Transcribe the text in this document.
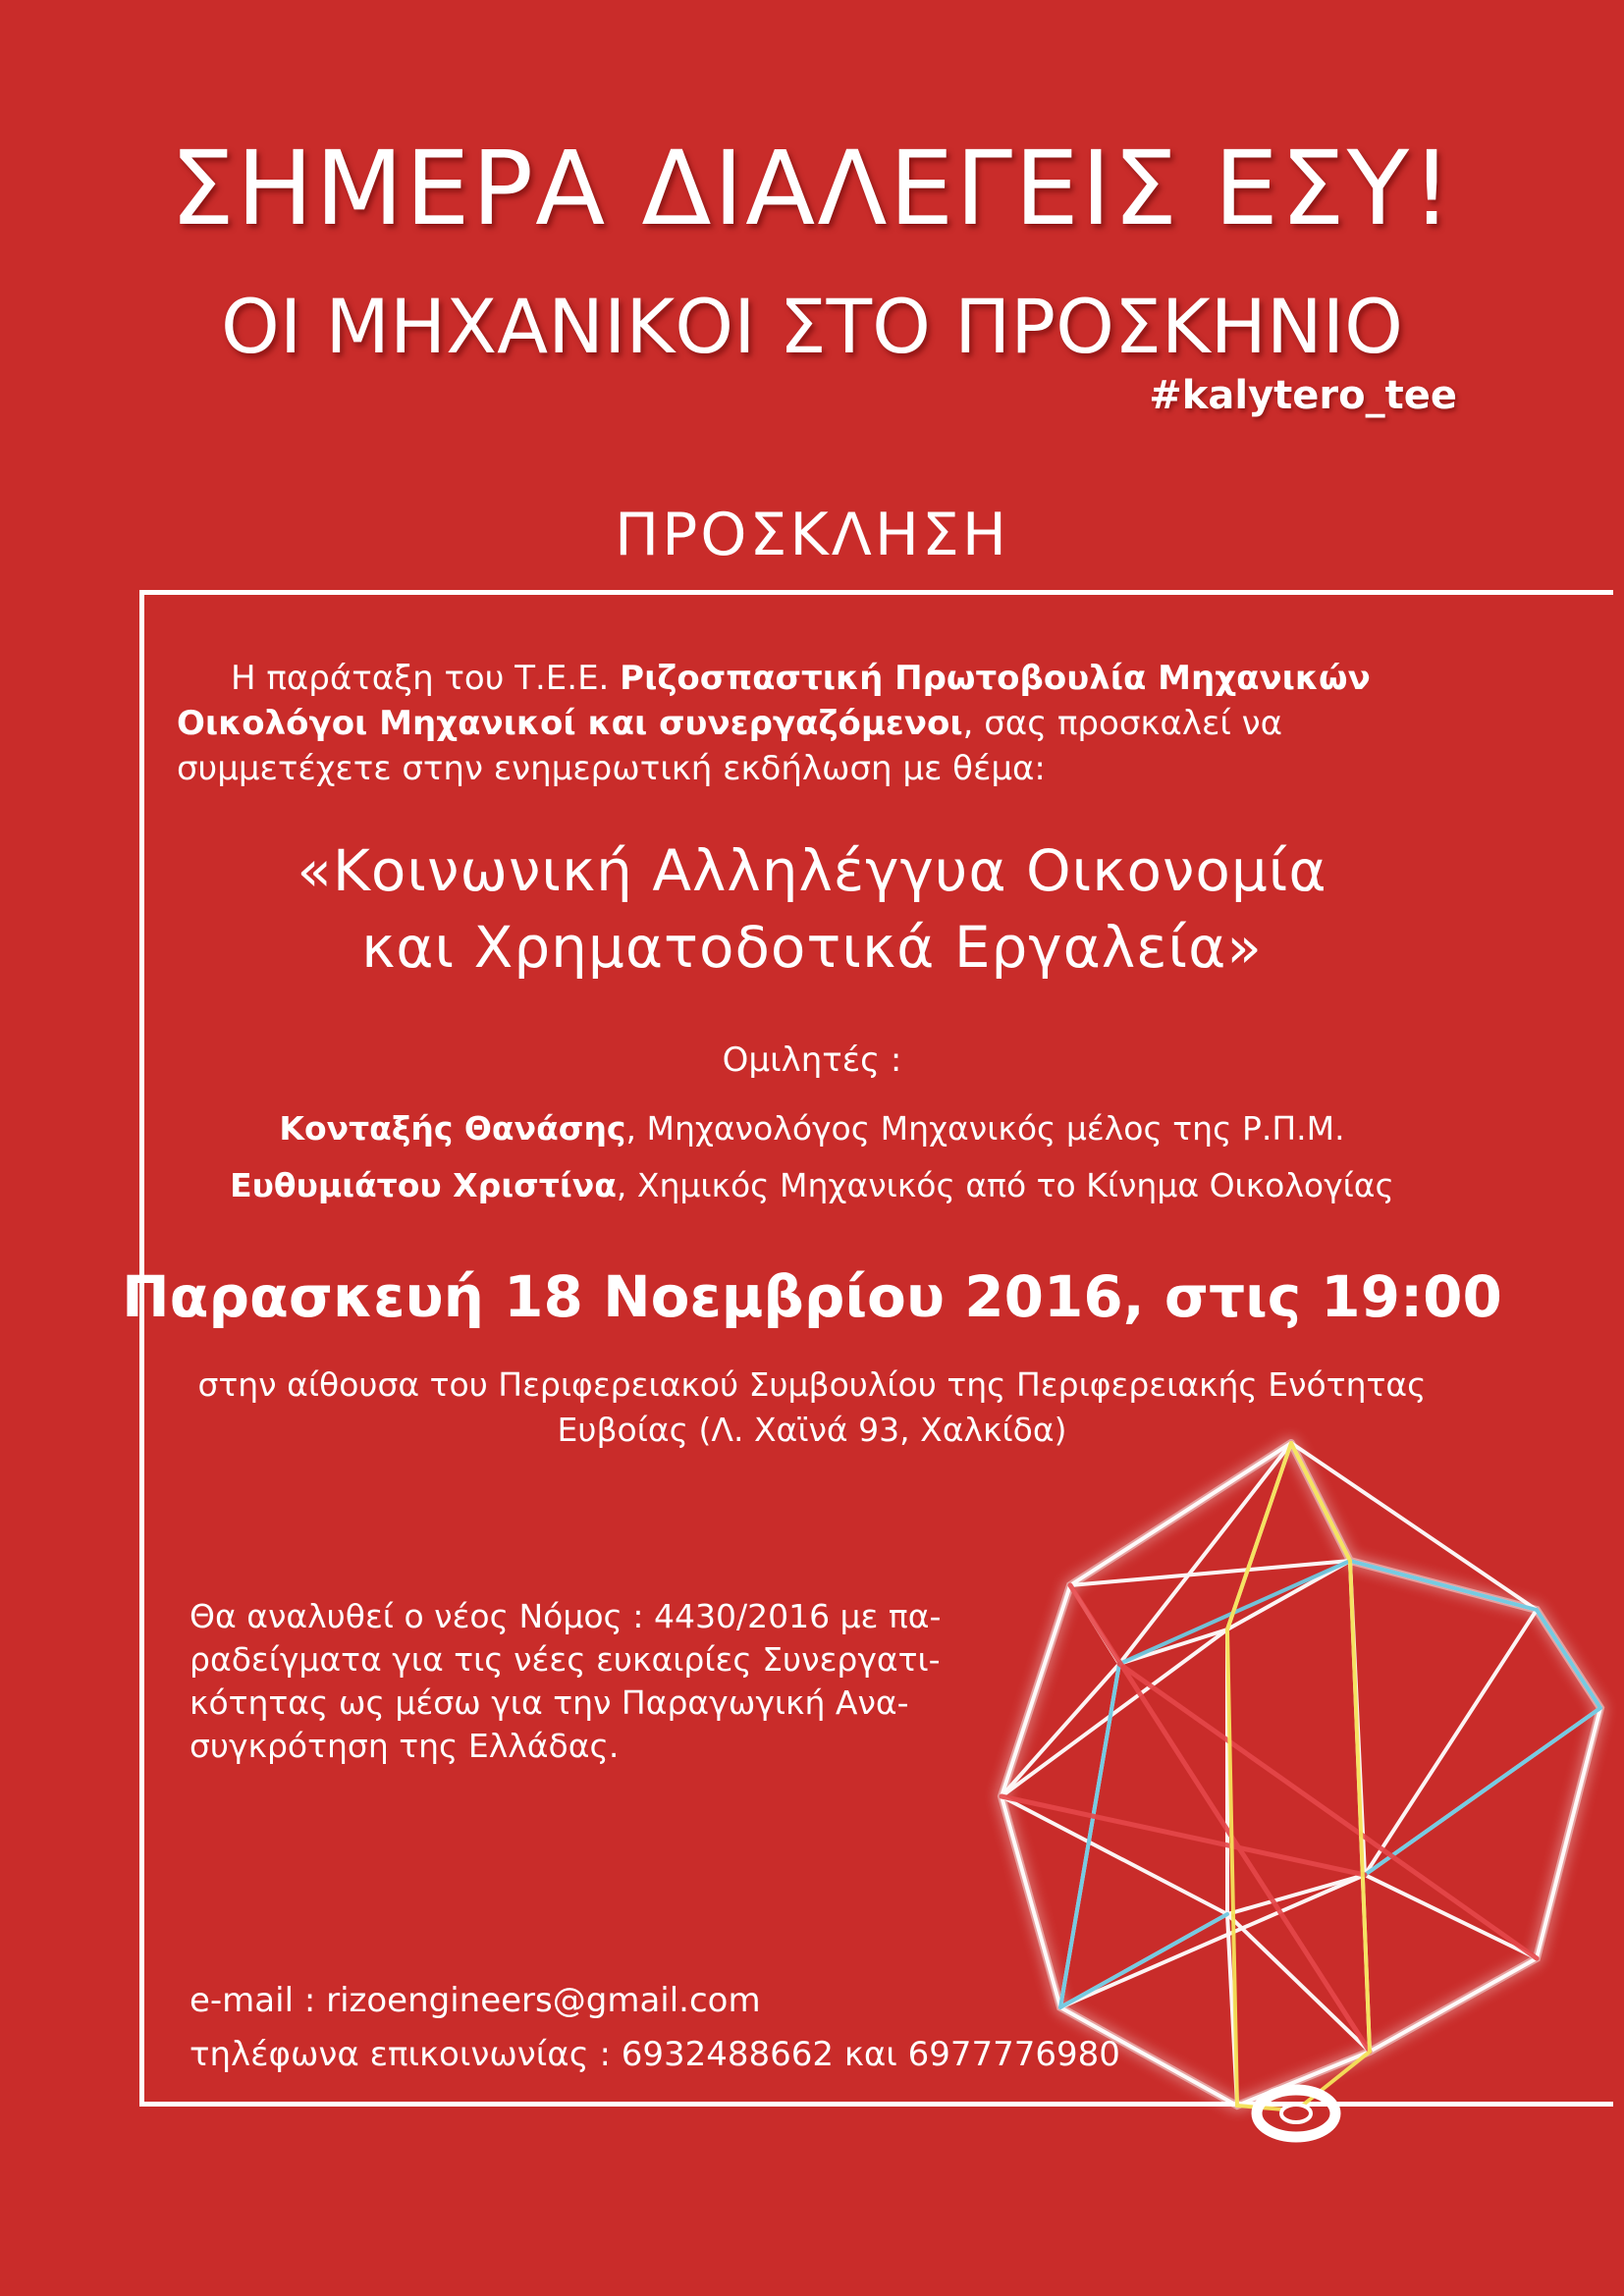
ΣΗΜΕΡΑ ΔΙΑΛΕΓΕΙΣ ΕΣΥ!
ΟΙ ΜΗΧΑΝΙΚΟΙ ΣΤΟ ΠΡΟΣΚΗΝΙΟ
#kalytero_tee
ΠΡΟΣΚΛΗΣΗ
Η παράταξη του Τ.Ε.Ε. Ριζοσπαστική Πρωτοβουλία Μηχανικών Οικολόγοι Μηχανικοί και συνεργαζόμενοι, σας προσκαλεί να συμμετέχετε στην ενημερωτική εκδήλωση με θέμα:
«Κοινωνική Αλληλέγγυα Οικονομία
και Χρηματοδοτικά Εργαλεία»
Ομιλητές :
Κονταξής Θανάσης, Μηχανολόγος Μηχανικός μέλος της Ρ.Π.Μ.
Ευθυμιάτου Χριστίνα, Χημικός Μηχανικός από το Κίνημα Οικολογίας
Παρασκευή 18 Νοεμβρίου 2016, στις 19:00
στην αίθουσα του Περιφερειακού Συμβουλίου της Περιφερειακής Ενότητας
Ευβοίας (Λ. Χαϊνά 93, Χαλκίδα)
Θα αναλυθεί ο νέος Νόμος : 4430/2016 με πα-
ραδείγματα για τις νέες ευκαιρίες Συνεργατι-
κότητας ως μέσω για την Παραγωγική Ανα-
συγκρότηση της Ελλάδας.
e-mail : rizoengineers@gmail.com
τηλέφωνα επικοινωνίας : 6932488662 και 6977776980
